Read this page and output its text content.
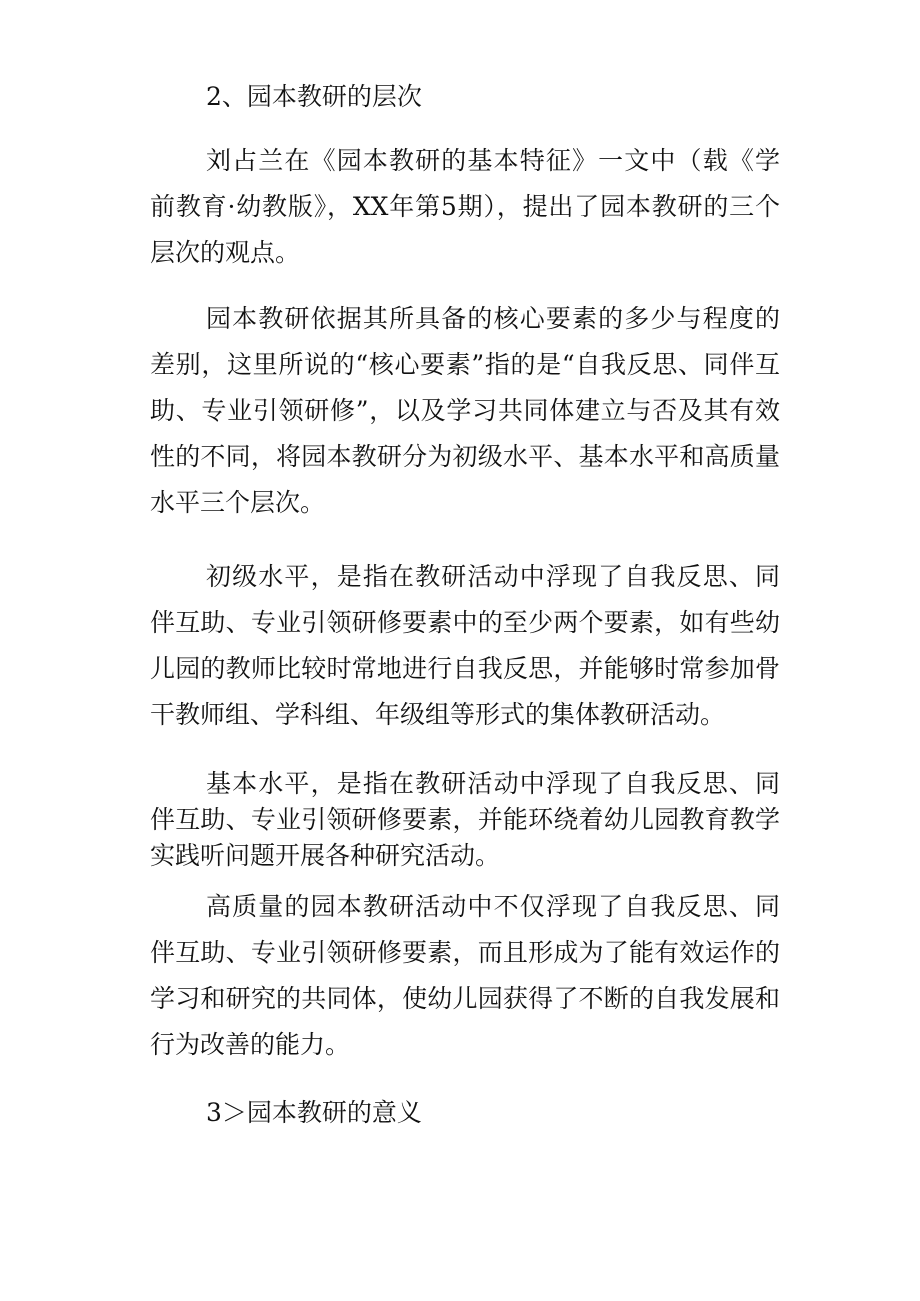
2、园本教研的层次

刘占兰在《园本教研的基本特征》一文中（载《学前教育·幼教版》，XX年第5期），提出了园本教研的三个层次的观点。

园本教研依据其所具备的核心要素的多少与程度的差别，这里所说的“核心要素”指的是“自我反思、同伴互助、专业引领研修”，以及学习共同体建立与否及其有效性的不同，将园本教研分为初级水平、基本水平和高质量水平三个层次。

初级水平，是指在教研活动中浮现了自我反思、同伴互助、专业引领研修要素中的至少两个要素，如有些幼儿园的教师比较时常地进行自我反思，并能够时常参加骨干教师组、学科组、年级组等形式的集体教研活动。

基本水平，是指在教研活动中浮现了自我反思、同伴互助、专业引领研修要素，并能环绕着幼儿园教育教学实践听问题开展各种研究活动。

高质量的园本教研活动中不仅浮现了自我反思、同伴互助、专业引领研修要素，而且形成为了能有效运作的学习和研究的共同体，使幼儿园获得了不断的自我发展和行为改善的能力。

3＞园本教研的意义
